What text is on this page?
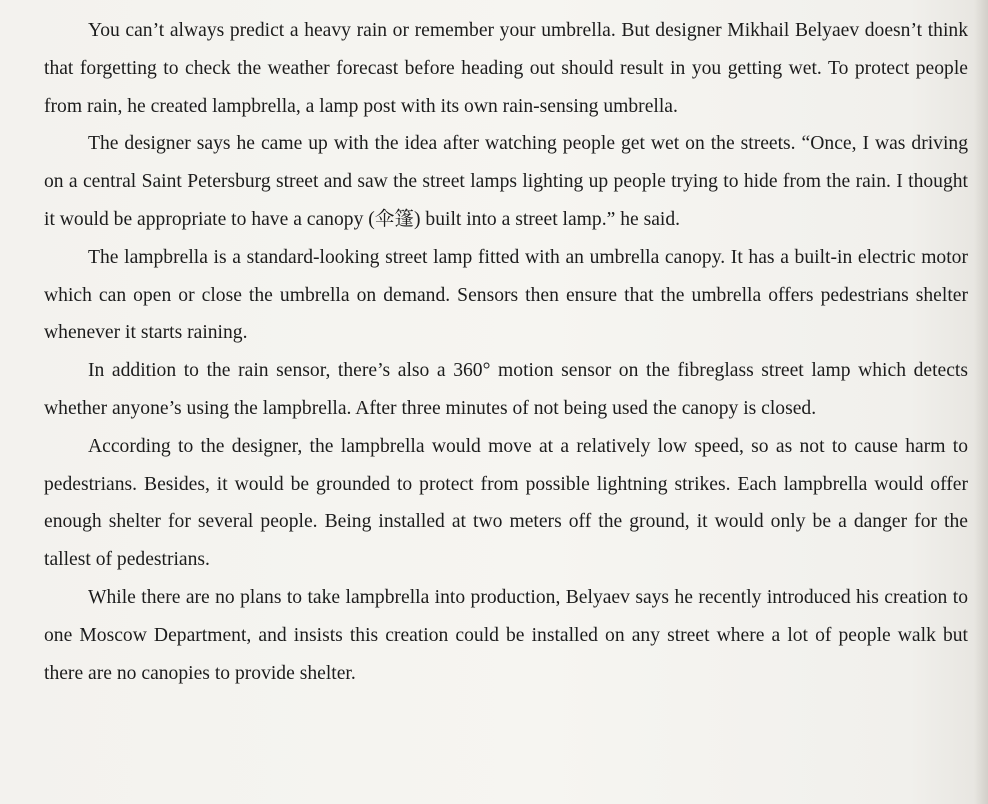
You can’t always predict a heavy rain or remember your umbrella. But designer Mikhail Belyaev doesn’t think that forgetting to check the weather forecast before heading out should result in you getting wet. To protect people from rain, he created lampbrella, a lamp post with its own rain-sensing umbrella.

The designer says he came up with the idea after watching people get wet on the streets. “Once, I was driving on a central Saint Petersburg street and saw the street lamps lighting up people trying to hide from the rain. I thought it would be appropriate to have a canopy (伞篷) built into a street lamp.” he said.

The lampbrella is a standard-looking street lamp fitted with an umbrella canopy. It has a built-in electric motor which can open or close the umbrella on demand. Sensors then ensure that the umbrella offers pedestrians shelter whenever it starts raining.

In addition to the rain sensor, there’s also a 360° motion sensor on the fibreglass street lamp which detects whether anyone’s using the lampbrella. After three minutes of not being used the canopy is closed.

According to the designer, the lampbrella would move at a relatively low speed, so as not to cause harm to pedestrians. Besides, it would be grounded to protect from possible lightning strikes. Each lampbrella would offer enough shelter for several people. Being installed at two meters off the ground, it would only be a danger for the tallest of pedestrians.

While there are no plans to take lampbrella into production, Belyaev says he recently introduced his creation to one Moscow Department, and insists this creation could be installed on any street where a lot of people walk but there are no canopies to provide shelter.
